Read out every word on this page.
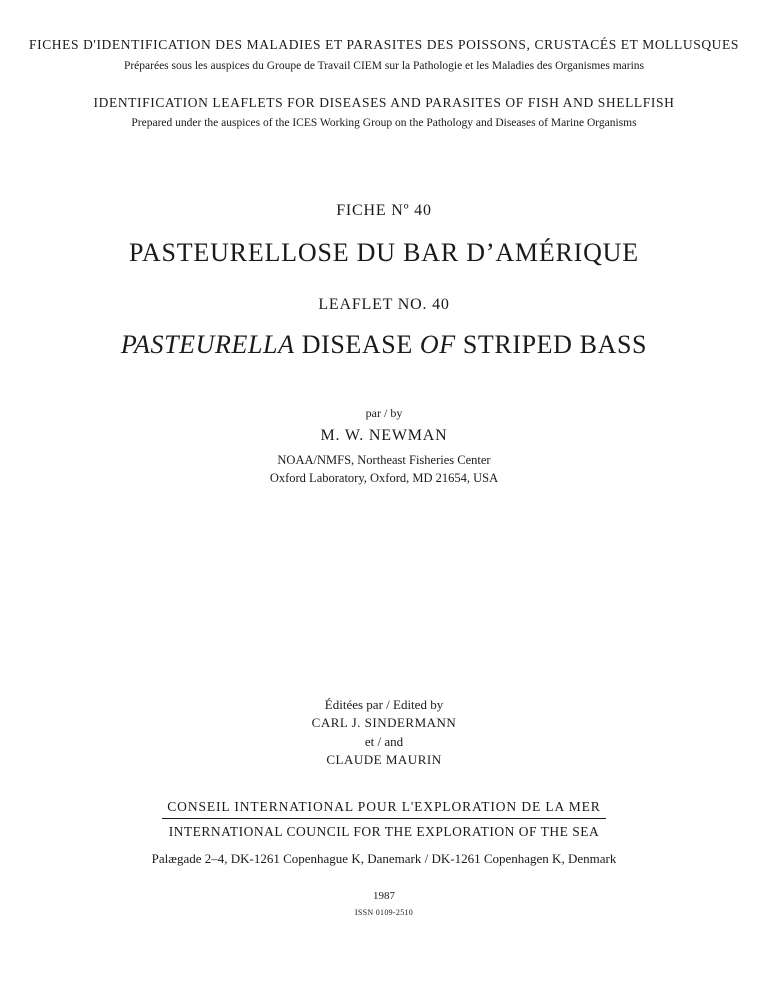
FICHES D'IDENTIFICATION DES MALADIES ET PARASITES DES POISSONS, CRUSTACÉS ET MOLLUSQUES
Préparées sous les auspices du Groupe de Travail CIEM sur la Pathologie et les Maladies des Organismes marins
IDENTIFICATION LEAFLETS FOR DISEASES AND PARASITES OF FISH AND SHELLFISH
Prepared under the auspices of the ICES Working Group on the Pathology and Diseases of Marine Organisms
FICHE Nº 40
PASTEURELLOSE DU BAR D’AMÉRIQUE
LEAFLET NO. 40
PASTEURELLA DISEASE OF STRIPED BASS
par / by
M. W. NEWMAN
NOAA/NMFS, Northeast Fisheries Center
Oxford Laboratory, Oxford, MD 21654, USA
Éditées par / Edited by
CARL J. SINDERMANN
et / and
CLAUDE MAURIN
CONSEIL INTERNATIONAL POUR L'EXPLORATION DE LA MER
INTERNATIONAL COUNCIL FOR THE EXPLORATION OF THE SEA
Palægade 2–4, DK-1261 Copenhague K, Danemark / DK-1261 Copenhagen K, Denmark
1987
ISSN 0109-2510
